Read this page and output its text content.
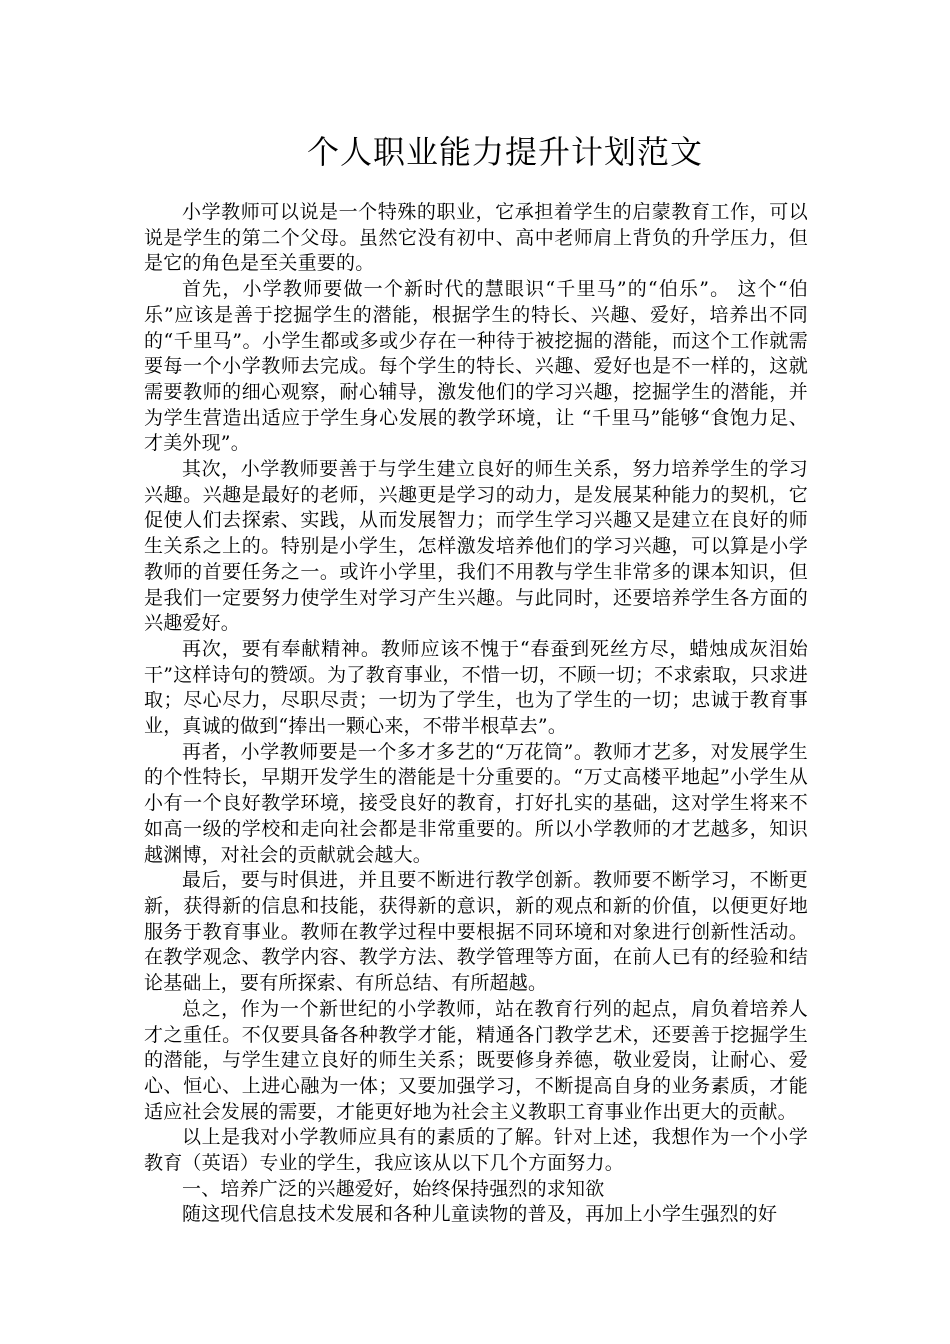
个人职业能力提升计划范文

小学教师可以说是一个特殊的职业，它承担着学生的启蒙教育工作，可以说是学生的第二个父母。虽然它没有初中、高中老师肩上背负的升学压力，但是它的角色是至关重要的。

首先，小学教师要做一个新时代的慧眼识“千里马”的“伯乐”。 这个“伯乐”应该是善于挖掘学生的潜能，根据学生的特长、兴趣、爱好，培养出不同的“千里马”。小学生都或多或少存在一种待于被挖掘的潜能，而这个工作就需要每一个小学教师去完成。每个学生的特长、兴趣、爱好也是不一样的，这就需要教师的细心观察，耐心辅导，激发他们的学习兴趣，挖掘学生的潜能，并为学生营造出适应于学生身心发展的教学环境，让 “千里马”能够“食饱力足、才美外现”。

其次，小学教师要善于与学生建立良好的师生关系，努力培养学生的学习兴趣。兴趣是最好的老师，兴趣更是学习的动力，是发展某种能力的契机，它促使人们去探索、实践，从而发展智力；而学生学习兴趣又是建立在良好的师生关系之上的。特别是小学生，怎样激发培养他们的学习兴趣，可以算是小学教师的首要任务之一。或许小学里，我们不用教与学生非常多的课本知识，但是我们一定要努力使学生对学习产生兴趣。与此同时，还要培养学生各方面的兴趣爱好。

再次，要有奉献精神。教师应该不愧于“春蚕到死丝方尽，蜡烛成灰泪始干”这样诗句的赞颂。为了教育事业，不惜一切，不顾一切；不求索取，只求进取；尽心尽力，尽职尽责；一切为了学生，也为了学生的一切；忠诚于教育事业，真诚的做到“捧出一颗心来，不带半根草去”。

再者，小学教师要是一个多才多艺的“万花筒”。教师才艺多，对发展学生的个性特长，早期开发学生的潜能是十分重要的。“万丈高楼平地起”小学生从小有一个良好教学环境，接受良好的教育，打好扎实的基础，这对学生将来不如高一级的学校和走向社会都是非常重要的。所以小学教师的才艺越多，知识越渊博，对社会的贡献就会越大。

最后，要与时俱进，并且要不断进行教学创新。教师要不断学习，不断更新，获得新的信息和技能，获得新的意识，新的观点和新的价值，以便更好地服务于教育事业。教师在教学过程中要根据不同环境和对象进行创新性活动。在教学观念、教学内容、教学方法、教学管理等方面，在前人已有的经验和结论基础上，要有所探索、有所总结、有所超越。

总之，作为一个新世纪的小学教师，站在教育行列的起点，肩负着培养人才之重任。不仅要具备各种教学才能，精通各门教学艺术，还要善于挖掘学生的潜能，与学生建立良好的师生关系；既要修身养德，敬业爱岗，让耐心、爱心、恒心、上进心融为一体；又要加强学习，不断提高自身的业务素质，才能适应社会发展的需要，才能更好地为社会主义教职工育事业作出更大的贡献。

以上是我对小学教师应具有的素质的了解。针对上述，我想作为一个小学教育（英语）专业的学生，我应该从以下几个方面努力。

一、培养广泛的兴趣爱好，始终保持强烈的求知欲

随这现代信息技术发展和各种儿童读物的普及，再加上小学生强烈的好
